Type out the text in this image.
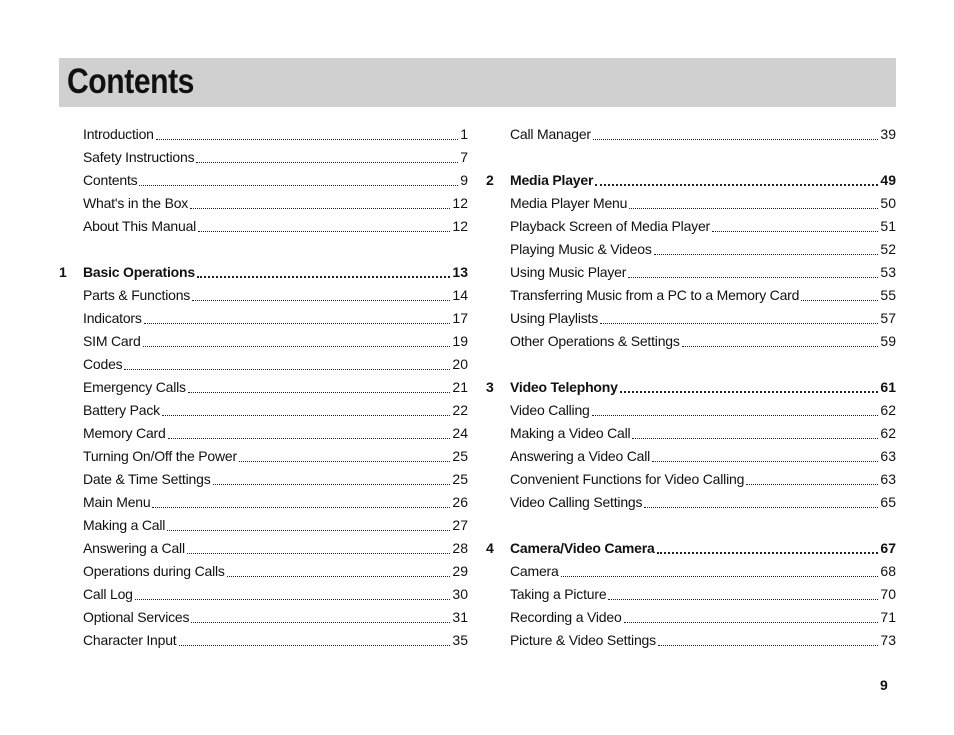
Contents
Introduction	1
Safety Instructions	7
Contents	9
What's in the Box	12
About This Manual	12
1 Basic Operations	13
Parts & Functions	14
Indicators	17
SIM Card	19
Codes	20
Emergency Calls	21
Battery Pack	22
Memory Card	24
Turning On/Off the Power	25
Date & Time Settings	25
Main Menu	26
Making a Call	27
Answering a Call	28
Operations during Calls	29
Call Log	30
Optional Services	31
Character Input	35
Call Manager	39
2 Media Player	49
Media Player Menu	50
Playback Screen of Media Player	51
Playing Music & Videos	52
Using Music Player	53
Transferring Music from a PC to a Memory Card	55
Using Playlists	57
Other Operations & Settings	59
3 Video Telephony	61
Video Calling	62
Making a Video Call	62
Answering a Video Call	63
Convenient Functions for Video Calling	63
Video Calling Settings	65
4 Camera/Video Camera	67
Camera	68
Taking a Picture	70
Recording a Video	71
Picture & Video Settings	73
9
